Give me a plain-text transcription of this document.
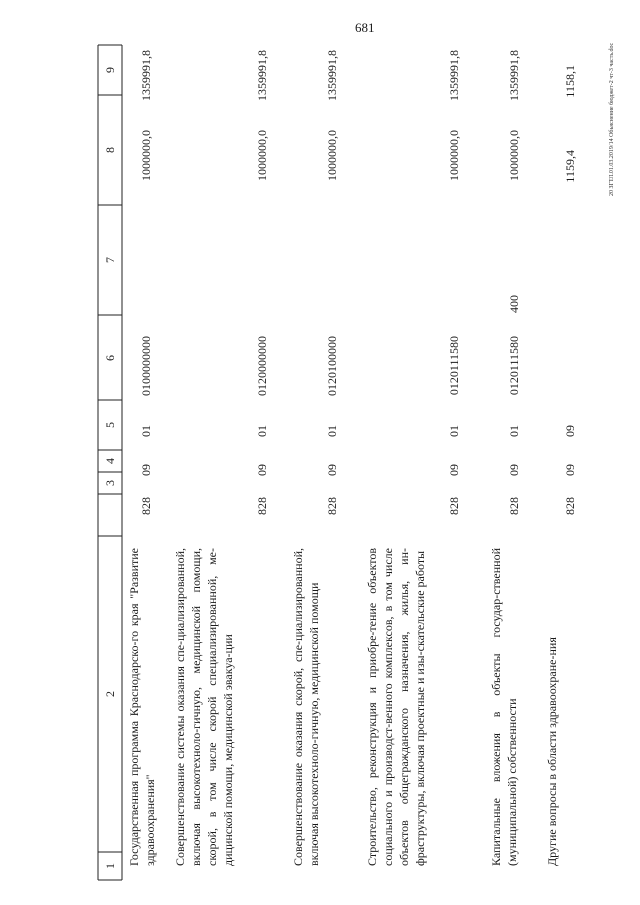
681
20 ЗГТЛ.01.03.2019/14 Обьяснение бюджет-2 чт-3 часть.doc
9
8
7
6
5
4
3
2
1 Государственная программа Краснодарско-го края "Развитие здравоохранения"
828
09
01
0100000000
1000000,0
1359991,8
Совершенствование системы оказания спе-циализированной, включая высокотехноло-гичную, медицинской помощи, скорой, в том числе скорой специализированной, ме-дицинской помощи, медицинской эвакуа-ции
828
09
01
0120000000
1000000,0
1359991,8
Совершенствование оказания скорой, спе-циализированной, включая высокотехноло-гичную, медицинской помощи
828
09
01
0120100000
1000000,0
1359991,8
Строительство, реконструкция и приобре-тение объектов социального и производст-венного комплексов, в том числе объектов общегражданского назначения, жилья, ин-фраструктуры, включая проектные и изы-скательские работы
828
09
01
0120111580
1000000,0
1359991,8
Капитальные вложения в объекты государ-ственной (муниципальной) собственности
828
09
01
0120111580
400
1000000,0
1359991,8
Другие вопросы в области здравоохране-ния
828
09
09
1159,4
1158,1
